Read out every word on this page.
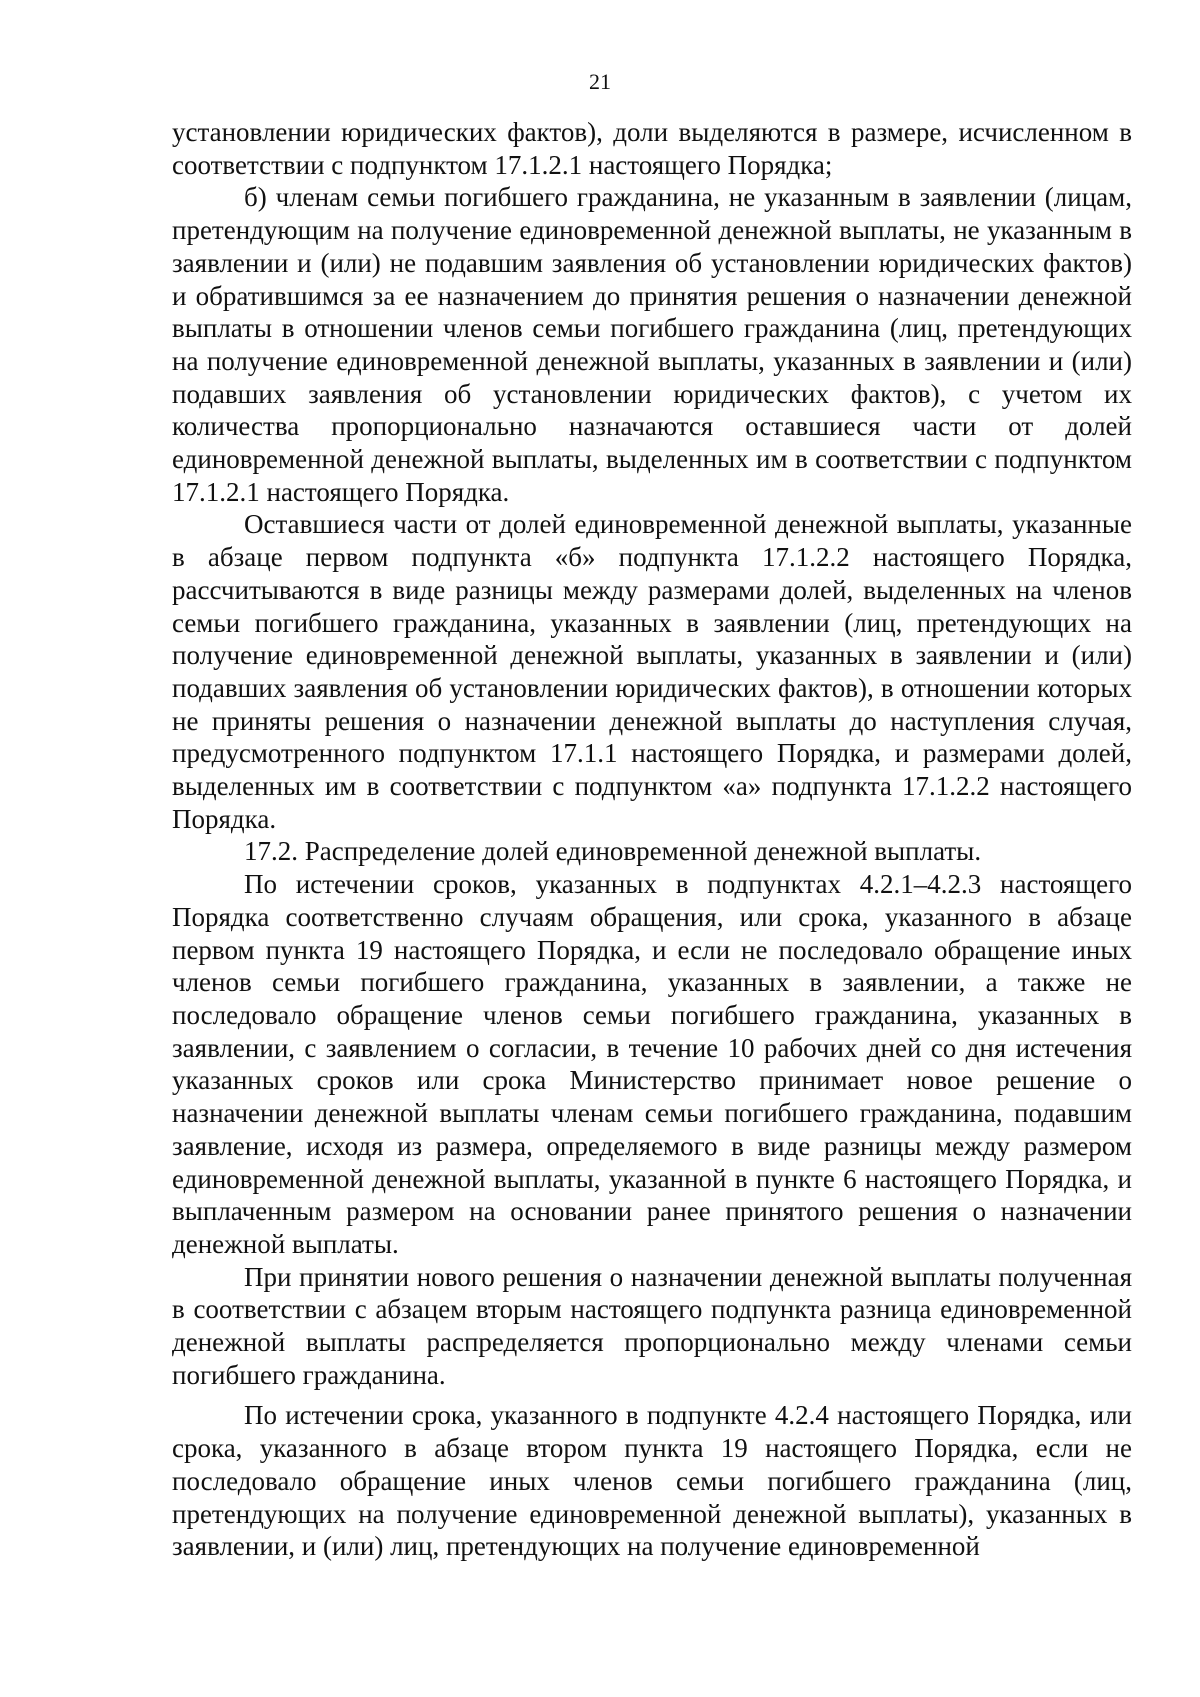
21

установлении юридических фактов), доли выделяются в размере, исчисленном в соответствии с подпунктом 17.1.2.1 настоящего Порядка;

б) членам семьи погибшего гражданина, не указанным в заявлении (лицам, претендующим на получение единовременной денежной выплаты, не указанным в заявлении и (или) не подавшим заявления об установлении юридических фактов) и обратившимся за ее назначением до принятия решения о назначении денежной выплаты в отношении членов семьи погибшего гражданина (лиц, претендующих на получение единовременной денежной выплаты, указанных в заявлении и (или) подавших заявления об установлении юридических фактов), с учетом их количества пропорционально назначаются оставшиеся части от долей единовременной денежной выплаты, выделенных им в соответствии с подпунктом 17.1.2.1 настоящего Порядка.

Оставшиеся части от долей единовременной денежной выплаты, указанные в абзаце первом подпункта «б» подпункта 17.1.2.2 настоящего Порядка, рассчитываются в виде разницы между размерами долей, выделенных на членов семьи погибшего гражданина, указанных в заявлении (лиц, претендующих на получение единовременной денежной выплаты, указанных в заявлении и (или) подавших заявления об установлении юридических фактов), в отношении которых не приняты решения о назначении денежной выплаты до наступления случая, предусмотренного подпунктом 17.1.1 настоящего Порядка, и размерами долей, выделенных им в соответствии с подпунктом «а» подпункта 17.1.2.2 настоящего Порядка.

17.2. Распределение долей единовременной денежной выплаты.

По истечении сроков, указанных в подпунктах 4.2.1–4.2.3 настоящего Порядка соответственно случаям обращения, или срока, указанного в абзаце первом пункта 19 настоящего Порядка, и если не последовало обращение иных членов семьи погибшего гражданина, указанных в заявлении, а также не последовало обращение членов семьи погибшего гражданина, указанных в заявлении, с заявлением о согласии, в течение 10 рабочих дней со дня истечения указанных сроков или срока Министерство принимает новое решение о назначении денежной выплаты членам семьи погибшего гражданина, подавшим заявление, исходя из размера, определяемого в виде разницы между размером единовременной денежной выплаты, указанной в пункте 6 настоящего Порядка, и выплаченным размером на основании ранее принятого решения о назначении денежной выплаты.

При принятии нового решения о назначении денежной выплаты полученная в соответствии с абзацем вторым настоящего подпункта разница единовременной денежной выплаты распределяется пропорционально между членами семьи погибшего гражданина.

По истечении срока, указанного в подпункте 4.2.4 настоящего Порядка, или срока, указанного в абзаце втором пункта 19 настоящего Порядка, если не последовало обращение иных членов семьи погибшего гражданина (лиц, претендующих на получение единовременной денежной выплаты), указанных в заявлении, и (или) лиц, претендующих на получение единовременной
